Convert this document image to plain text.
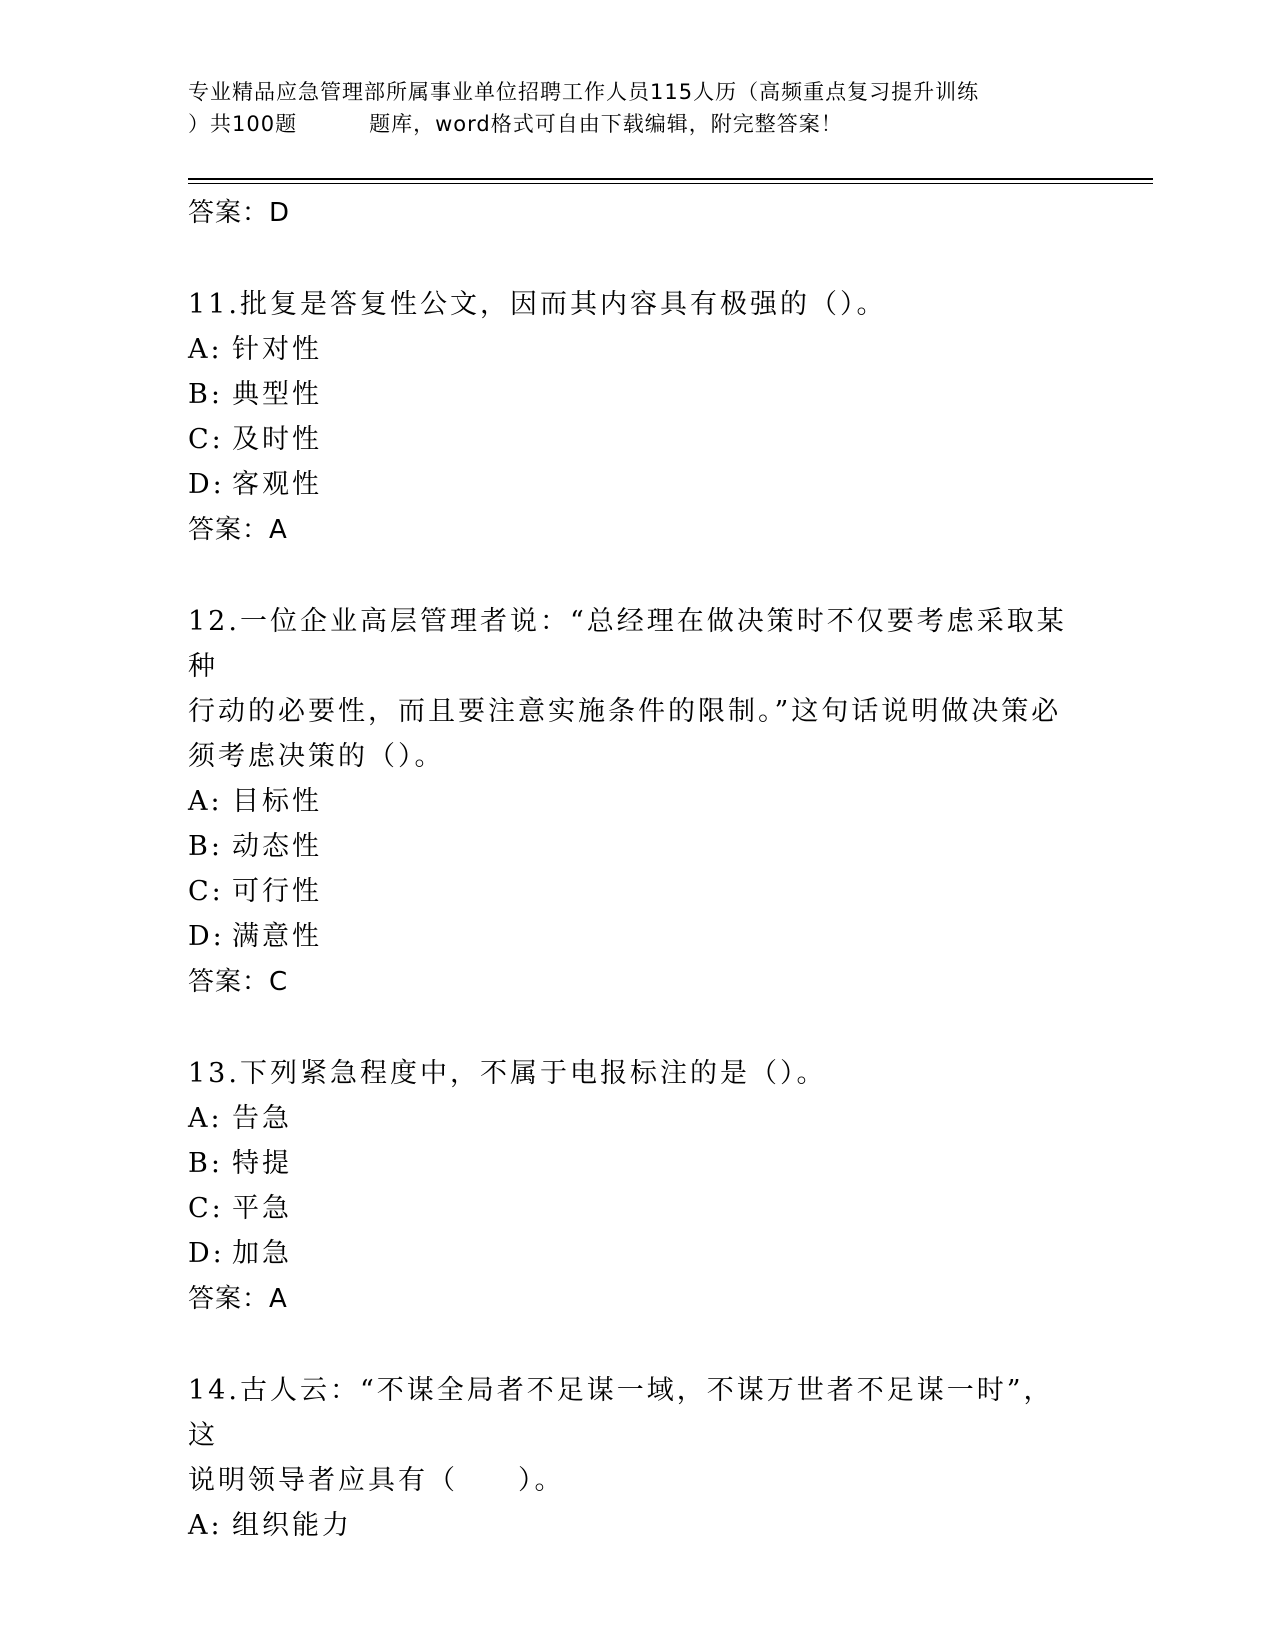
专业精品应急管理部所属事业单位招聘工作人员115人历（高频重点复习提升训练
）共100题	题库，word格式可自由下载编辑，附完整答案！
答案：D
11.批复是答复性公文，因而其内容具有极强的（）。
A: 针对性
B: 典型性
C: 及时性
D: 客观性
答案：A
12.一位企业高层管理者说：“总经理在做决策时不仅要考虑采取某种
行动的必要性，而且要注意实施条件的限制。”这句话说明做决策必
须考虑决策的（）。
A: 目标性
B: 动态性
C: 可行性
D: 满意性
答案：C
13.下列紧急程度中，不属于电报标注的是（）。
A: 告急
B: 特提
C: 平急
D: 加急
答案：A
14.古人云：“不谋全局者不足谋一域，不谋万世者不足谋一时”，这
说明领导者应具有（　　）。
A: 组织能力
